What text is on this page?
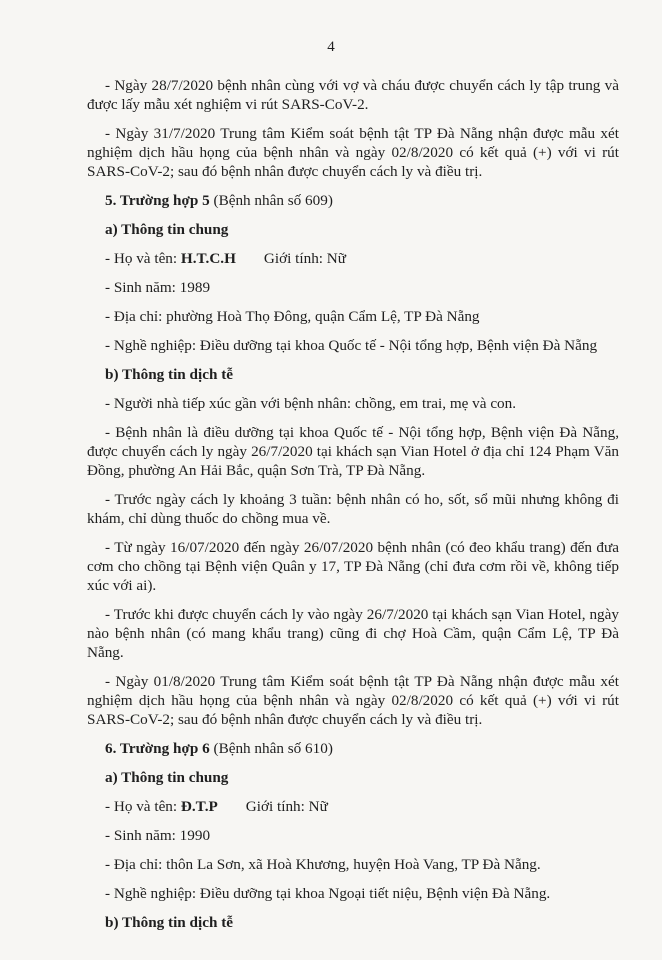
4

- Ngày 28/7/2020 bệnh nhân cùng với vợ và cháu được chuyển cách ly tập trung và được lấy mẫu xét nghiệm vi rút SARS-CoV-2.

- Ngày 31/7/2020 Trung tâm Kiểm soát bệnh tật TP Đà Nẵng nhận được mẫu xét nghiệm dịch hầu họng của bệnh nhân và ngày 02/8/2020 có kết quả (+) với vi rút SARS-CoV-2; sau đó bệnh nhân được chuyển cách ly và điều trị.

5. Trường hợp 5 (Bệnh nhân số 609)

a) Thông tin chung

- Họ và tên: H.T.C.H Giới tính: Nữ

- Sinh năm: 1989

- Địa chỉ: phường Hoà Thọ Đông, quận Cẩm Lệ, TP Đà Nẵng

- Nghề nghiệp: Điều dưỡng tại khoa Quốc tế - Nội tổng hợp, Bệnh viện Đà Nẵng

b) Thông tin dịch tễ

- Người nhà tiếp xúc gần với bệnh nhân: chồng, em trai, mẹ và con.

- Bệnh nhân là điều dưỡng tại khoa Quốc tế - Nội tổng hợp, Bệnh viện Đà Nẵng, được chuyển cách ly ngày 26/7/2020 tại khách sạn Vian Hotel ở địa chỉ 124 Phạm Văn Đồng, phường An Hải Bắc, quận Sơn Trà, TP Đà Nẵng.

- Trước ngày cách ly khoảng 3 tuần: bệnh nhân có ho, sốt, sổ mũi nhưng không đi khám, chỉ dùng thuốc do chồng mua về.

- Từ ngày 16/07/2020 đến ngày 26/07/2020 bệnh nhân (có đeo khẩu trang) đến đưa cơm cho chồng tại Bệnh viện Quân y 17, TP Đà Nẵng (chỉ đưa cơm rồi về, không tiếp xúc với ai).

- Trước khi được chuyển cách ly vào ngày 26/7/2020 tại khách sạn Vian Hotel, ngày nào bệnh nhân (có mang khẩu trang) cũng đi chợ Hoà Cầm, quận Cẩm Lệ, TP Đà Nẵng.

- Ngày 01/8/2020 Trung tâm Kiểm soát bệnh tật TP Đà Nẵng nhận được mẫu xét nghiệm dịch hầu họng của bệnh nhân và ngày 02/8/2020 có kết quả (+) với vi rút SARS-CoV-2; sau đó bệnh nhân được chuyển cách ly và điều trị.

6. Trường hợp 6 (Bệnh nhân số 610)

a) Thông tin chung

- Họ và tên: Đ.T.P Giới tính: Nữ

- Sinh năm: 1990

- Địa chỉ: thôn La Sơn, xã Hoà Khương, huyện Hoà Vang, TP Đà Nẵng.

- Nghề nghiệp: Điều dưỡng tại khoa Ngoại tiết niệu, Bệnh viện Đà Nẵng.

b) Thông tin dịch tễ
